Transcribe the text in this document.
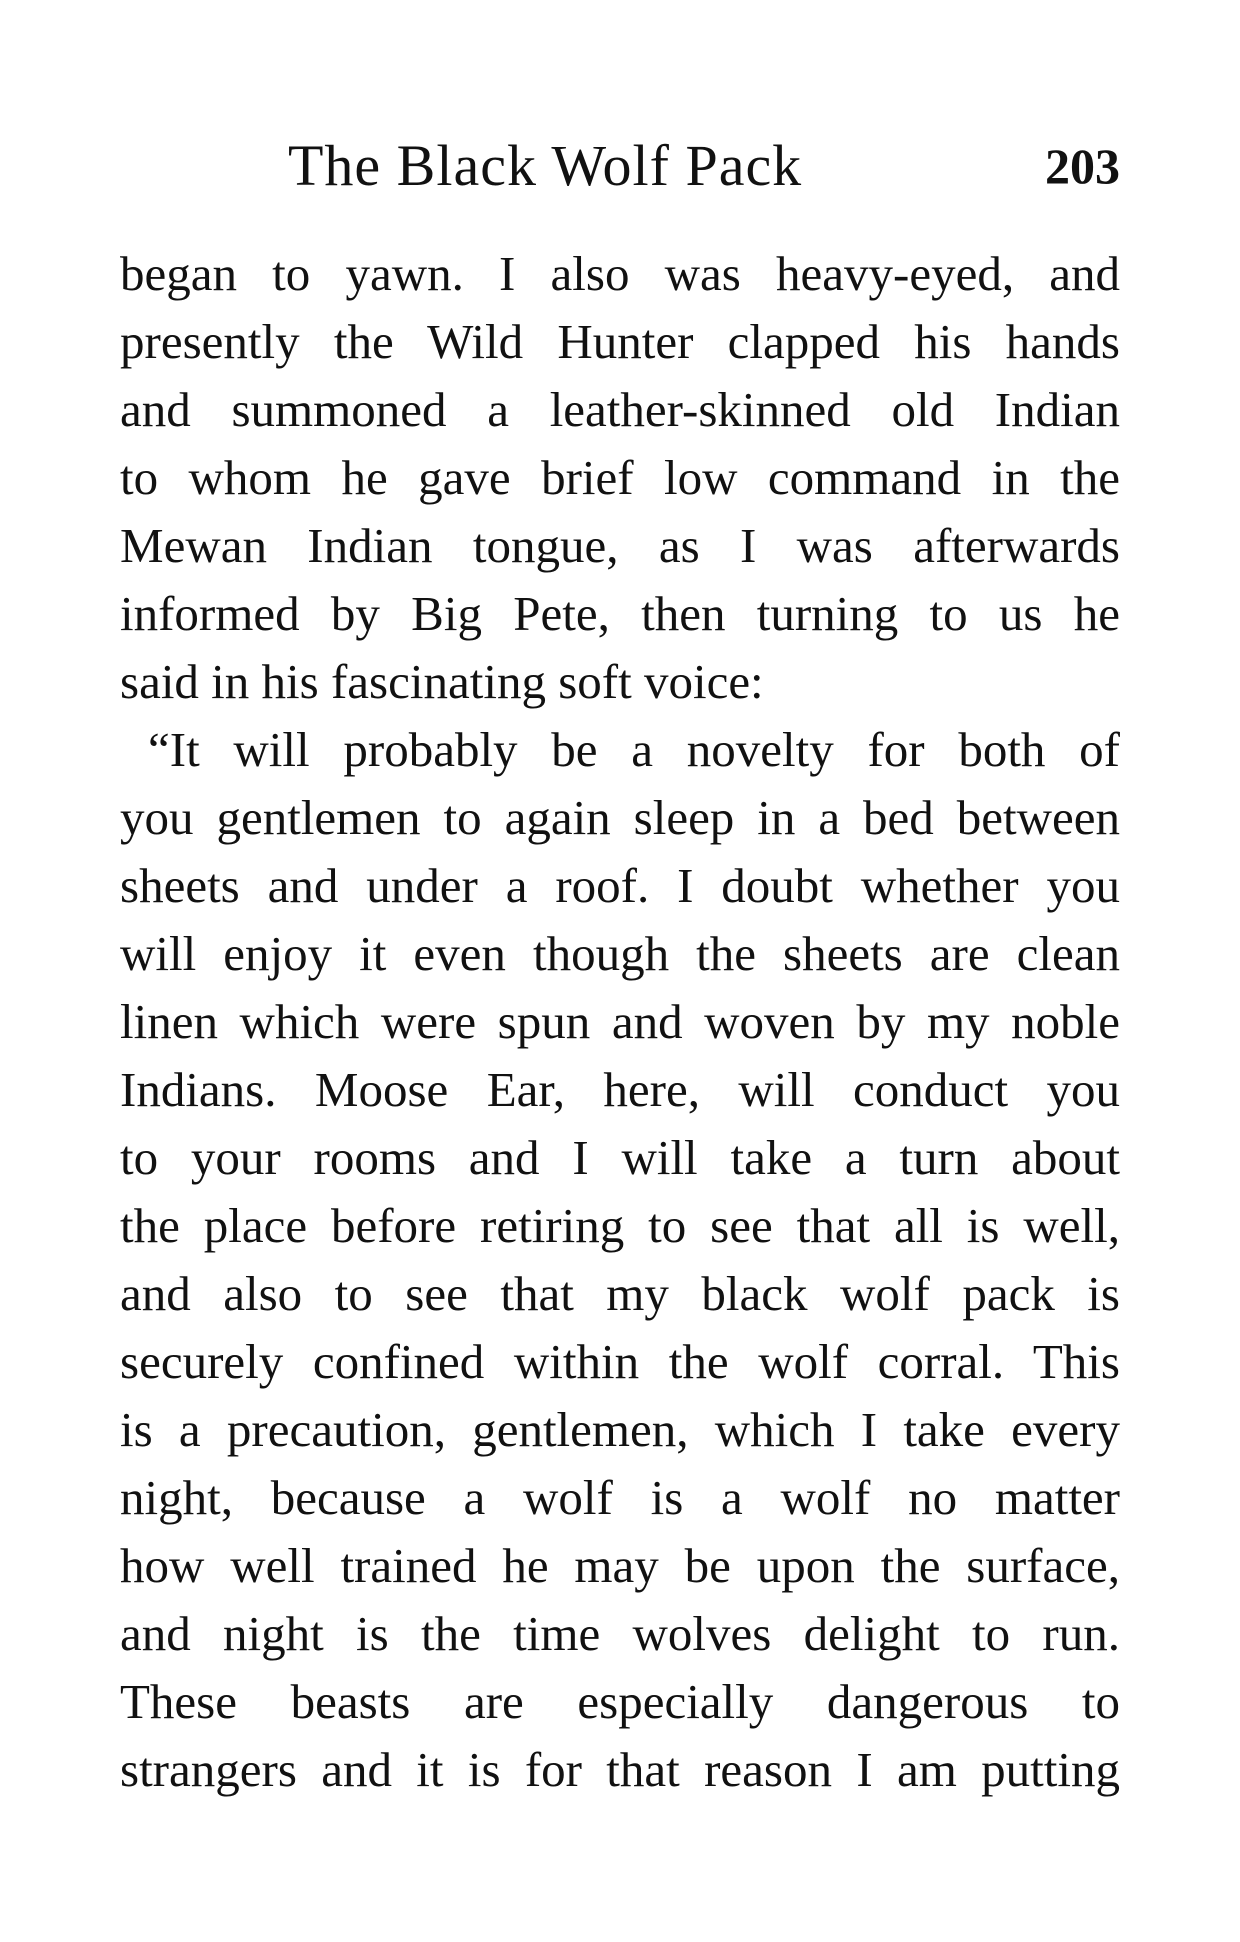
The Black Wolf Pack	203
began to yawn. I also was heavy-eyed, and
presently the Wild Hunter clapped his hands
and summoned a leather-skinned old Indian
to whom he gave brief low command in the
Mewan Indian tongue, as I was afterwards
informed by Big Pete, then turning to us he
said in his fascinating soft voice:
“It will probably be a novelty for both of
you gentlemen to again sleep in a bed between
sheets and under a roof. I doubt whether you
will enjoy it even though the sheets are clean
linen which were spun and woven by my noble
Indians. Moose Ear, here, will conduct you
to your rooms and I will take a turn about
the place before retiring to see that all is well,
and also to see that my black wolf pack is
securely confined within the wolf corral. This
is a precaution, gentlemen, which I take every
night, because a wolf is a wolf no matter
how well trained he may be upon the surface,
and night is the time wolves delight to run.
These beasts are especially dangerous to
strangers and it is for that reason I am putting
